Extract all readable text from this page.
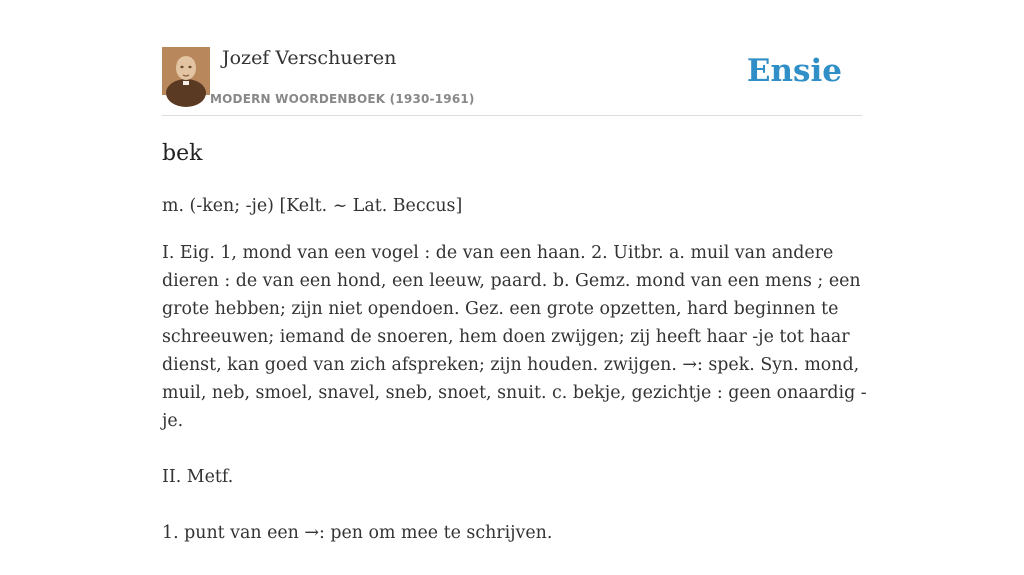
Jozef Verschueren
MODERN WOORDENBOEK (1930-1961)
Ensie
bek

m. (-ken; -je) [Kelt. ~ Lat. Beccus]

I. Eig. 1, mond van een vogel : de van een haan. 2. Uitbr. a. muil van andere dieren : de van een hond, een leeuw, paard. b. Gemz. mond van een mens ; een grote hebben; zijn niet opendoen. Gez. een grote opzetten, hard beginnen te schreeuwen; iemand de snoeren, hem doen zwijgen; zij heeft haar -je tot haar dienst, kan goed van zich afspreken; zijn houden. zwijgen. →: spek. Syn. mond, muil, neb, smoel, snavel, sneb, snoet, snuit. c. bekje, gezichtje : geen onaardig -je.

II. Metf.

1. punt van een →: pen om mee te schrijven.
